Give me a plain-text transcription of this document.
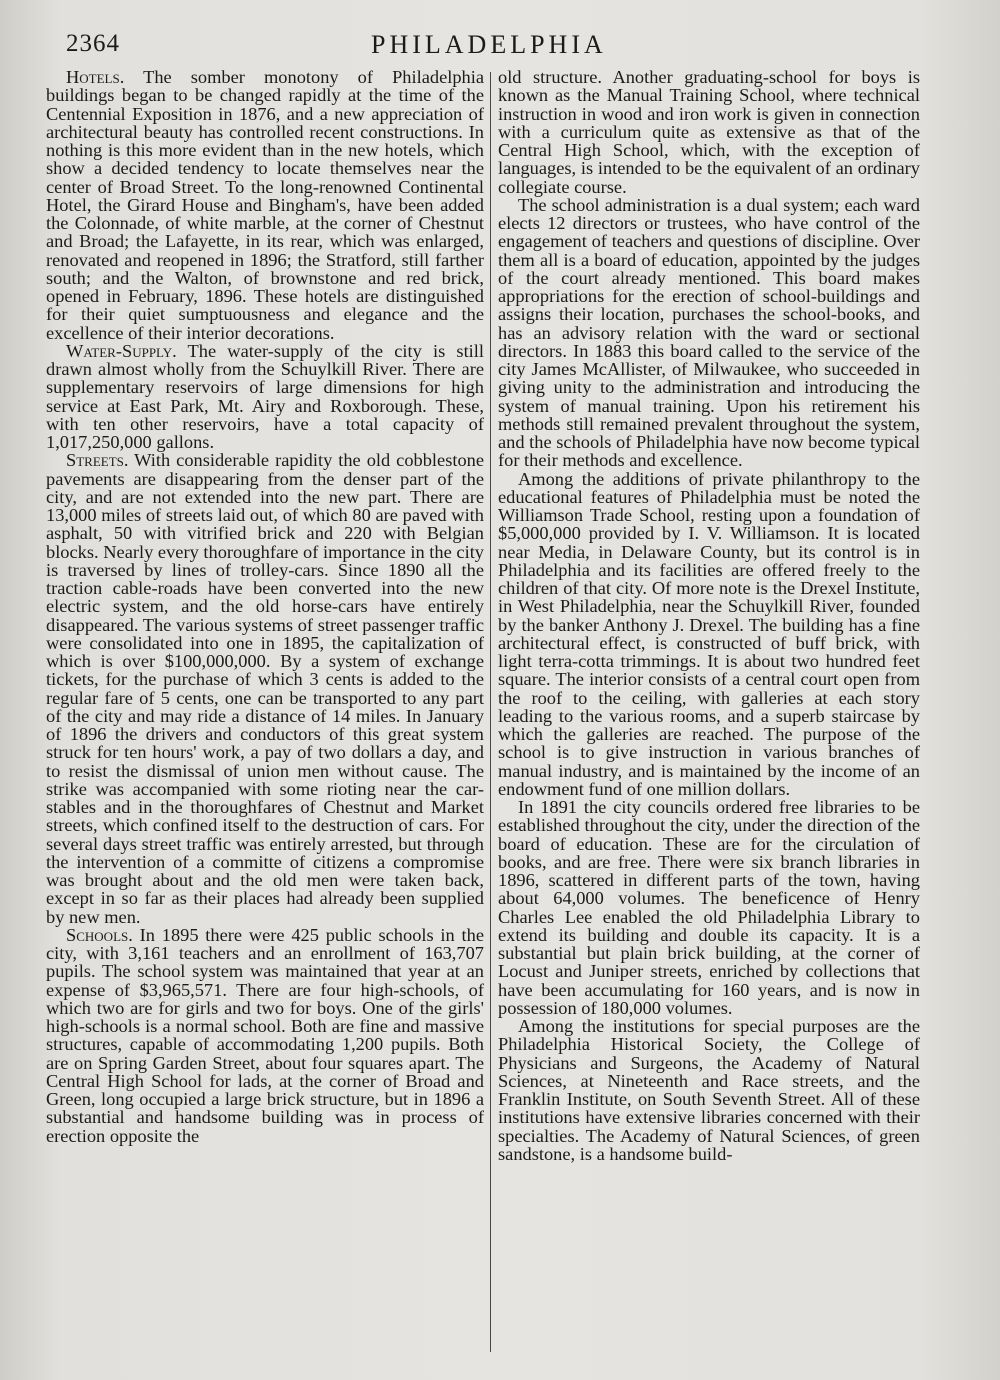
2364	PHILADELPHIA

Hotels. The somber monotony of Philadelphia buildings began to be changed rapidly at the time of the Centennial Exposition in 1876, and a new appreciation of architectural beauty has controlled recent constructions. In nothing is this more evident than in the new hotels, which show a decided tendency to locate themselves near the center of Broad Street. To the long-renowned Continental Hotel, the Girard House and Bingham's, have been added the Colonnade, of white marble, at the corner of Chestnut and Broad; the Lafayette, in its rear, which was enlarged, renovated and reopened in 1896; the Stratford, still farther south; and the Walton, of brownstone and red brick, opened in February, 1896. These hotels are distinguished for their quiet sumptuousness and elegance and the excellence of their interior decorations.

Water-Supply. The water-supply of the city is still drawn almost wholly from the Schuylkill River. There are supplementary reservoirs of large dimensions for high service at East Park, Mt. Airy and Roxborough. These, with ten other reservoirs, have a total capacity of 1,017,250,000 gallons.

Streets. With considerable rapidity the old cobblestone pavements are disappearing from the denser part of the city, and are not extended into the new part. There are 13,000 miles of streets laid out, of which 80 are paved with asphalt, 50 with vitrified brick and 220 with Belgian blocks. Nearly every thoroughfare of importance in the city is traversed by lines of trolley-cars. Since 1890 all the traction cable-roads have been converted into the new electric system, and the old horse-cars have entirely disappeared. The various systems of street passenger traffic were consolidated into one in 1895, the capitalization of which is over $100,000,000. By a system of exchange tickets, for the purchase of which 3 cents is added to the regular fare of 5 cents, one can be transported to any part of the city and may ride a distance of 14 miles. In January of 1896 the drivers and conductors of this great system struck for ten hours' work, a pay of two dollars a day, and to resist the dismissal of union men without cause. The strike was accompanied with some rioting near the car-stables and in the thoroughfares of Chestnut and Market streets, which confined itself to the destruction of cars. For several days street traffic was entirely arrested, but through the intervention of a committe of citizens a compromise was brought about and the old men were taken back, except in so far as their places had already been supplied by new men.

Schools. In 1895 there were 425 public schools in the city, with 3,161 teachers and an enrollment of 163,707 pupils. The school system was maintained that year at an expense of $3,965,571. There are four high-schools, of which two are for girls and two for boys. One of the girls' high-schools is a normal school. Both are fine and massive structures, capable of accommodating 1,200 pupils. Both are on Spring Garden Street, about four squares apart. The Central High School for lads, at the corner of Broad and Green, long occupied a large brick structure, but in 1896 a substantial and handsome building was in process of erection opposite the

old structure. Another graduating-school for boys is known as the Manual Training School, where technical instruction in wood and iron work is given in connection with a curriculum quite as extensive as that of the Central High School, which, with the exception of languages, is intended to be the equivalent of an ordinary collegiate course.

The school administration is a dual system; each ward elects 12 directors or trustees, who have control of the engagement of teachers and questions of discipline. Over them all is a board of education, appointed by the judges of the court already mentioned. This board makes appropriations for the erection of school-buildings and assigns their location, purchases the school-books, and has an advisory relation with the ward or sectional directors. In 1883 this board called to the service of the city James McAllister, of Milwaukee, who succeeded in giving unity to the administration and introducing the system of manual training. Upon his retirement his methods still remained prevalent throughout the system, and the schools of Philadelphia have now become typical for their methods and excellence.

Among the additions of private philanthropy to the educational features of Philadelphia must be noted the Williamson Trade School, resting upon a foundation of $5,000,000 provided by I. V. Williamson. It is located near Media, in Delaware County, but its control is in Philadelphia and its facilities are offered freely to the children of that city. Of more note is the Drexel Institute, in West Philadelphia, near the Schuylkill River, founded by the banker Anthony J. Drexel. The building has a fine architectural effect, is constructed of buff brick, with light terra-cotta trimmings. It is about two hundred feet square. The interior consists of a central court open from the roof to the ceiling, with galleries at each story leading to the various rooms, and a superb staircase by which the galleries are reached. The purpose of the school is to give instruction in various branches of manual industry, and is maintained by the income of an endowment fund of one million dollars.

In 1891 the city councils ordered free libraries to be established throughout the city, under the direction of the board of education. These are for the circulation of books, and are free. There were six branch libraries in 1896, scattered in different parts of the town, having about 64,000 volumes. The beneficence of Henry Charles Lee enabled the old Philadelphia Library to extend its building and double its capacity. It is a substantial but plain brick building, at the corner of Locust and Juniper streets, enriched by collections that have been accumulating for 160 years, and is now in possession of 180,000 volumes.

Among the institutions for special purposes are the Philadelphia Historical Society, the College of Physicians and Surgeons, the Academy of Natural Sciences, at Nineteenth and Race streets, and the Franklin Institute, on South Seventh Street. All of these institutions have extensive libraries concerned with their specialties. The Academy of Natural Sciences, of green sandstone, is a handsome build-
